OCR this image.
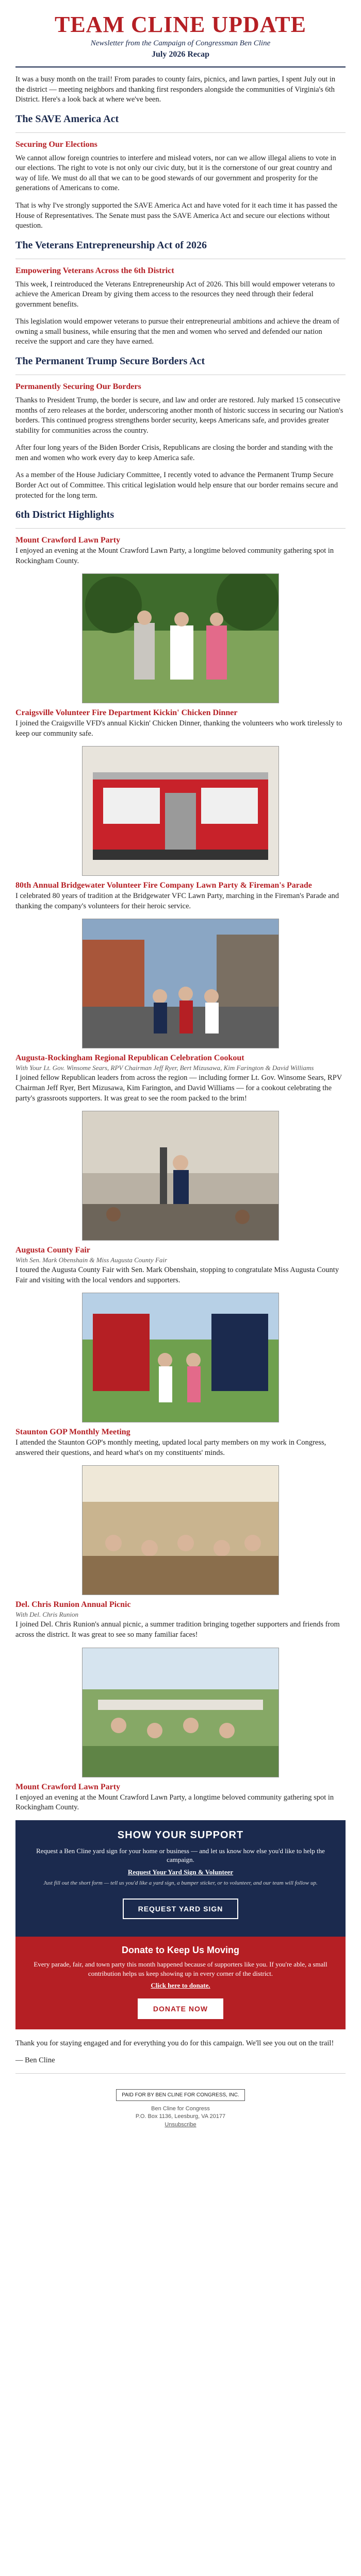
TEAM CLINE UPDATE
Newsletter from the Campaign of Congressman Ben Cline
July 2026 Recap

It was a busy month on the trail! From parades to county fairs, picnics, and lawn parties, I spent July out in the district — meeting neighbors and thanking first responders alongside the communities of Virginia's 6th District. Here's a look back at where we've been.

The SAVE America Act
Securing Our Elections

We cannot allow foreign countries to interfere and mislead voters, nor can we allow illegal aliens to vote in our elections. The right to vote is not only our civic duty, but it is the cornerstone of our great country and way of life. We must do all that we can to be good stewards of our government and prosperity for the generations of Americans to come.

That is why I've strongly supported the SAVE America Act and have voted for it each time it has passed the House of Representatives. The Senate must pass the SAVE America Act and secure our elections without question.

The Veterans Entrepreneurship Act of 2026
Empowering Veterans Across the 6th District

This week, I reintroduced the Veterans Entrepreneurship Act of 2026. This bill would empower veterans to achieve the American Dream by giving them access to the resources they need through their federal government benefits.

This legislation would empower veterans to pursue their entrepreneurial ambitions and achieve the dream of owning a small business, while ensuring that the men and women who served and defended our nation receive the support and care they have earned.

The Permanent Trump Secure Borders Act
Permanently Securing Our Borders

Thanks to President Trump, the border is secure, and law and order are restored. July marked 15 consecutive months of zero releases at the border, underscoring another month of historic success in securing our Nation's borders. This continued progress strengthens border security, keeps Americans safe, and provides greater stability for communities across the country.

After four long years of the Biden Border Crisis, Republicans are closing the border and standing with the men and women who work every day to keep America safe.

As a member of the House Judiciary Committee, I recently voted to advance the Permanent Trump Secure Border Act out of Committee. This critical legislation would help ensure that our border remains secure and protected for the long term.

6th District Highlights
Mount Crawford Lawn Party

I enjoyed an evening at the Mount Crawford Lawn Party, a longtime beloved community gathering spot in Rockingham County.

Craigsville Volunteer Fire Department Kickin' Chicken Dinner

I joined the Craigsville VFD's annual Kickin' Chicken Dinner, thanking the volunteers who work tirelessly to keep our community safe.

80th Annual Bridgewater Volunteer Fire Company Lawn Party & Fireman's Parade

I celebrated 80 years of tradition at the Bridgewater VFC Lawn Party, marching in the Fireman's Parade and thanking the company's volunteers for their heroic service.

Augusta-Rockingham Regional Republican Celebration Cookout
With Your Lt. Gov. Winsome Sears, RPV Chairman Jeff Ryer, Bert Mizusawa, Kim Farington & David Williams

I joined fellow Republican leaders from across the region — including former Lt. Gov. Winsome Sears, RPV Chairman Jeff Ryer, Bert Mizusawa, Kim Farington, and David Williams — for a cookout celebrating the party's grassroots supporters. It was great to see the room packed to the brim!

Augusta County Fair
With Sen. Mark Obenshain & Miss Augusta County Fair

I toured the Augusta County Fair with Sen. Mark Obenshain, stopping to congratulate Miss Augusta County Fair and visiting with the local vendors and supporters.

Staunton GOP Monthly Meeting

I attended the Staunton GOP's monthly meeting, updated local party members on my work in Congress, answered their questions, and heard what's on my constituents' minds.

Del. Chris Runion Annual Picnic
With Del. Chris Runion

I joined Del. Chris Runion's annual picnic, a summer tradition bringing together supporters and friends from across the district. It was great to see so many familiar faces!

Mount Crawford Lawn Party

I enjoyed an evening at the Mount Crawford Lawn Party, a longtime beloved community gathering spot in Rockingham County.

SHOW YOUR SUPPORT

Request a Ben Cline yard sign for your home or business — and let us know how else you'd like to help the campaign.

Request Your Yard Sign & Volunteer

Just fill out the short form — tell us you'd like a yard sign, a bumper sticker, or to volunteer, and our team will follow up.

REQUEST YARD SIGN
Donate to Keep Us Moving

Every parade, fair, and town party this month happened because of supporters like you. If you're able, a small contribution helps us keep showing up in every corner of the district.

Click here to donate.

DONATE NOW

Thank you for staying engaged and for everything you do for this campaign. We'll see you out on the trail!

— Ben Cline

PAID FOR BY BEN CLINE FOR CONGRESS, INC.
Ben Cline for Congress
P.O. Box 1136, Leesburg, VA 20177
Unsubscribe
